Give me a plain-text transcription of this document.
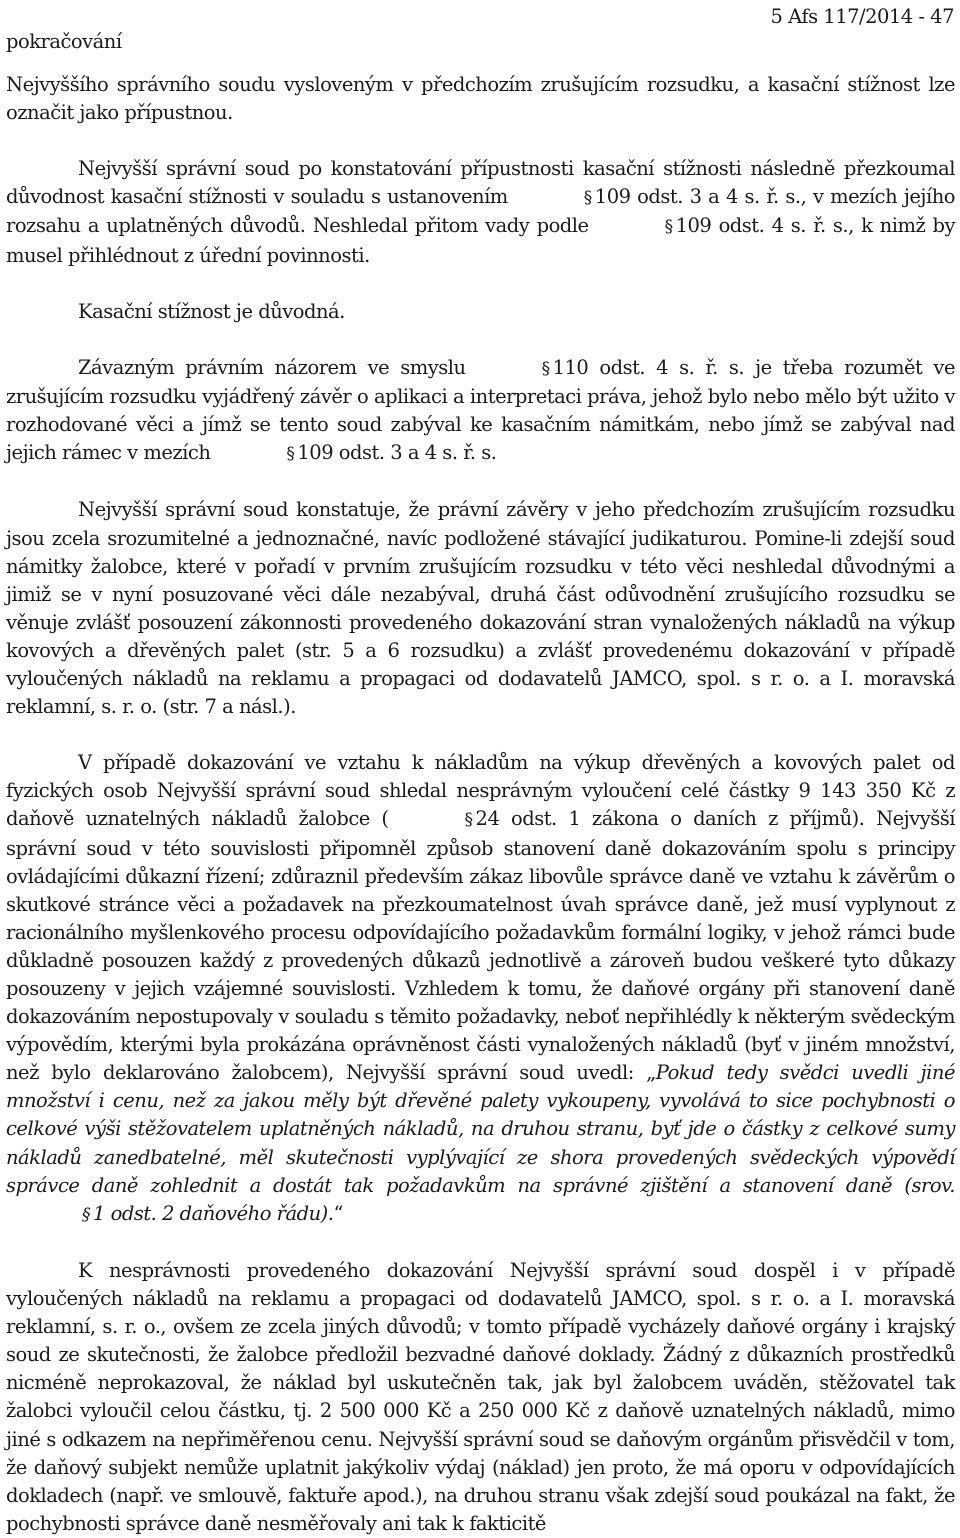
pokračování
5 Afs 117/2014 - 47

Nejvyššího správního soudu vysloveným v předchozím zrušujícím rozsudku, a kasační stížnost lze označit jako přípustnou.

Nejvyšší správní soud po konstatování přípustnosti kasační stížnosti následně přezkoumal důvodnost kasační stížnosti v souladu s ustanovením	§ 109 odst. 3 a 4 s. ř. s., v mezích jejího rozsahu a uplatněných důvodů. Neshledal přitom vady podle	§ 109 odst. 4 s. ř. s., k nimž by musel přihlédnout z úřední povinnosti.

Kasační stížnost je důvodná.

Závazným právním názorem ve smyslu	§ 110 odst. 4 s. ř. s. je třeba rozumět ve zrušujícím rozsudku vyjádřený závěr o aplikaci a interpretaci práva, jehož bylo nebo mělo být užito v rozhodované věci a jímž se tento soud zabýval ke kasačním námitkám, nebo jímž se zabýval nad jejich rámec v mezích	§ 109 odst. 3 a 4 s. ř. s.

Nejvyšší správní soud konstatuje, že právní závěry v jeho předchozím zrušujícím rozsudku jsou zcela srozumitelné a jednoznačné, navíc podložené stávající judikaturou. Pomine-li zdejší soud námitky žalobce, které v pořadí v prvním zrušujícím rozsudku v této věci neshledal důvodnými a jimiž se v nyní posuzované věci dále nezabýval, druhá část odůvodnění zrušujícího rozsudku se věnuje zvlášť posouzení zákonnosti provedeného dokazování stran vynaložených nákladů na výkup kovových a dřevěných palet (str. 5 a 6 rozsudku) a zvlášť provedenému dokazování v případě vyloučených nákladů na reklamu a propagaci od dodavatelů JAMCO, spol. s r. o. a I. moravská reklamní, s. r. o. (str. 7 a násl.).

V případě dokazování ve vztahu k nákladům na výkup dřevěných a kovových palet od fyzických osob Nejvyšší správní soud shledal nesprávným vyloučení celé částky 9 143 350 Kč z daňově uznatelných nákladů žalobce (	§ 24 odst. 1 zákona o daních z příjmů). Nejvyšší správní soud v této souvislosti připomněl způsob stanovení daně dokazováním spolu s principy ovládajícími důkazní řízení; zdůraznil především zákaz libovůle správce daně ve vztahu k závěrům o skutkové stránce věci a požadavek na přezkoumatelnost úvah správce daně, jež musí vyplynout z racionálního myšlenkového procesu odpovídajícího požadavkům formální logiky, v jehož rámci bude důkladně posouzen každý z provedených důkazů jednotlivě a zároveň budou veškeré tyto důkazy posouzeny v jejich vzájemné souvislosti. Vzhledem k tomu, že daňové orgány při stanovení daně dokazováním nepostupovaly v souladu s těmito požadavky, neboť nepřihlédly k některým svědeckým výpovědím, kterými byla prokázána oprávněnost části vynaložených nákladů (byť v jiném množství, než bylo deklarováno žalobcem), Nejvyšší správní soud uvedl: „Pokud tedy svědci uvedli jiné množství i cenu, než za jakou měly být dřevěné palety vykoupeny, vyvolává to sice pochybnosti o celkové výši stěžovatelem uplatněných nákladů, na druhou stranu, byť jde o částky z celkové sumy nákladů zanedbatelné, měl skutečnosti vyplývající ze shora provedených svědeckých výpovědí správce daně zohlednit a dostát tak požadavkům na správné zjištění a stanovení daně (srov.§ 1 odst. 2 daňového řádu).“

K nesprávnosti provedeného dokazování Nejvyšší správní soud dospěl i v případě vyloučených nákladů na reklamu a propagaci od dodavatelů JAMCO, spol. s r. o. a I. moravská reklamní, s. r. o., ovšem ze zcela jiných důvodů; v tomto případě vycházely daňové orgány i krajský soud ze skutečnosti, že žalobce předložil bezvadné daňové doklady. Žádný z důkazních prostředků nicméně neprokazoval, že náklad byl uskutečněn tak, jak byl žalobcem uváděn, stěžovatel tak žalobci vyloučil celou částku, tj. 2 500 000 Kč a 250 000 Kč z daňově uznatelných nákladů, mimo jiné s odkazem na nepřiměřenou cenu. Nejvyšší správní soud se daňovým orgánům přisvědčil v tom, že daňový subjekt nemůže uplatnit jakýkoliv výdaj (náklad) jen proto, že má oporu v odpovídajících dokladech (např. ve smlouvě, faktuře apod.), na druhou stranu však zdejší soud poukázal na fakt, že pochybnosti správce daně nesměřovaly ani tak k fakticitě
